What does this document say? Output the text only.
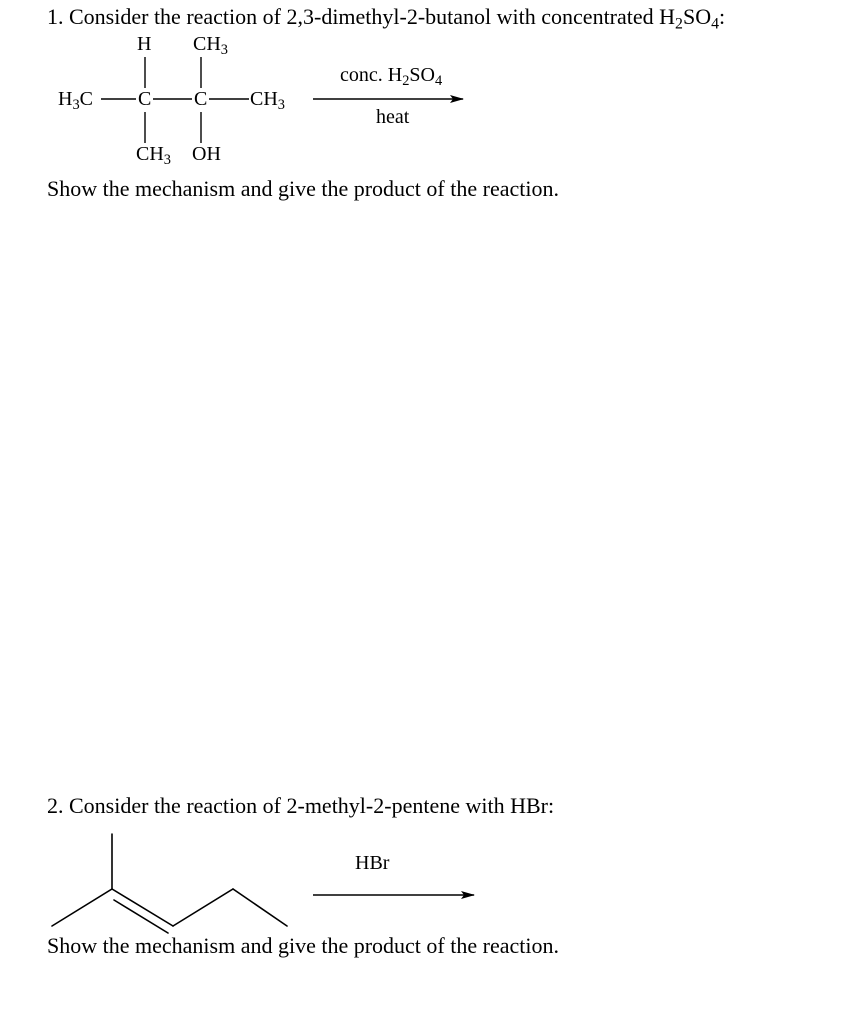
1. Consider the reaction of 2,3-dimethyl-2-butanol with concentrated $H_2SO_4$:
H $CH_3$
$H_3C$ C C $CH_3$
$CH_3$ OH
conc. $H_2SO_4$
heat
Show the mechanism and give the product of the reaction.
2. Consider the reaction of 2-methyl-2-pentene with HBr:
HBr
Show the mechanism and give the product of the reaction.
